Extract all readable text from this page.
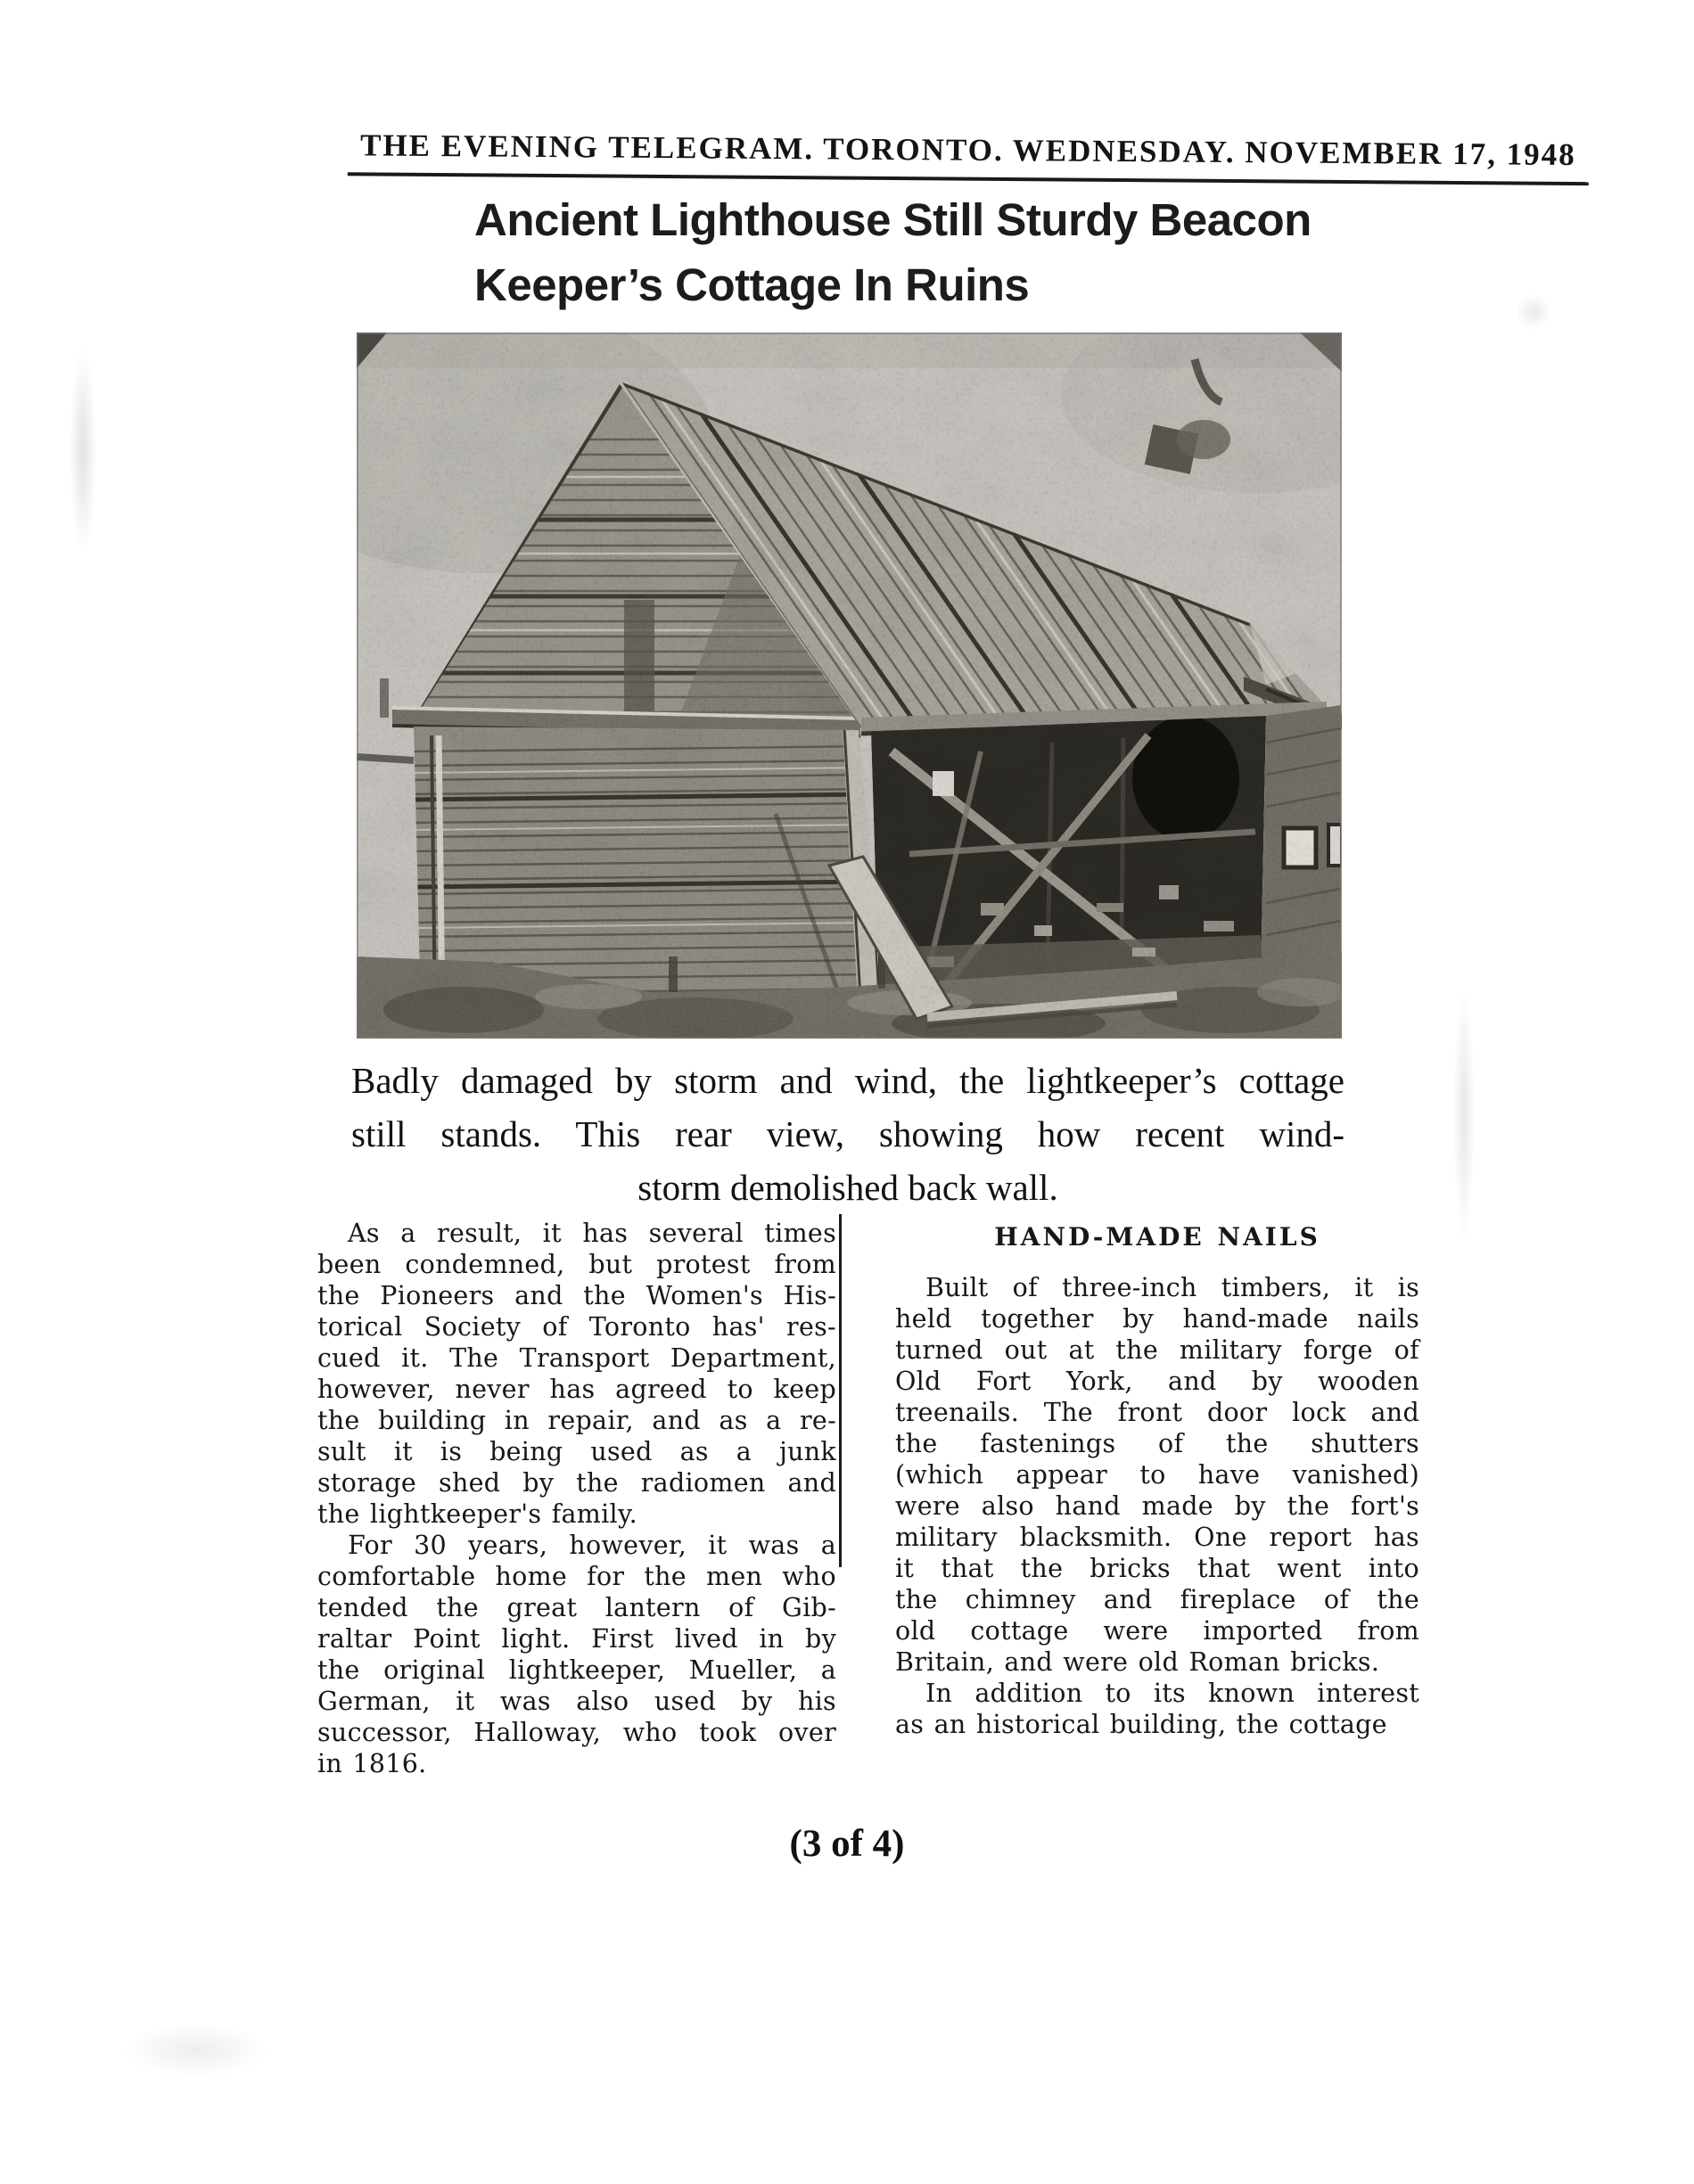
THE EVENING TELEGRAM. TORONTO. WEDNESDAY. NOVEMBER 17, 1948
Ancient Lighthouse Still Sturdy Beacon
Keeper’s Cottage In Ruins
Badly damaged by storm and wind, the lightkeeper’s cottage
still stands. This rear view, showing how recent wind-
storm demolished back wall.
As a result, it has several times
been condemned, but protest from
the Pioneers and the Women's His-
torical Society of Toronto has' res-
cued it. The Transport Department,
however, never has agreed to keep
the building in repair, and as a re-
sult it is being used as a junk
storage shed by the radiomen and
the lightkeeper's family.
For 30 years, however, it was a
comfortable home for the men who
tended the great lantern of Gib-
raltar Point light. First lived in by
the original lightkeeper, Mueller, a
German, it was also used by his
successor, Halloway, who took over
in 1816.
HAND-MADE NAILS
Built of three-inch timbers, it is
held together by hand-made nails
turned out at the military forge of
Old Fort York, and by wooden
treenails. The front door lock and
the fastenings of the shutters
(which appear to have vanished)
were also hand made by the fort's
military blacksmith. One report has
it that the bricks that went into
the chimney and fireplace of the
old cottage were imported from
Britain, and were old Roman bricks.
In addition to its known interest
as an historical building, the cottage
(3 of 4)
